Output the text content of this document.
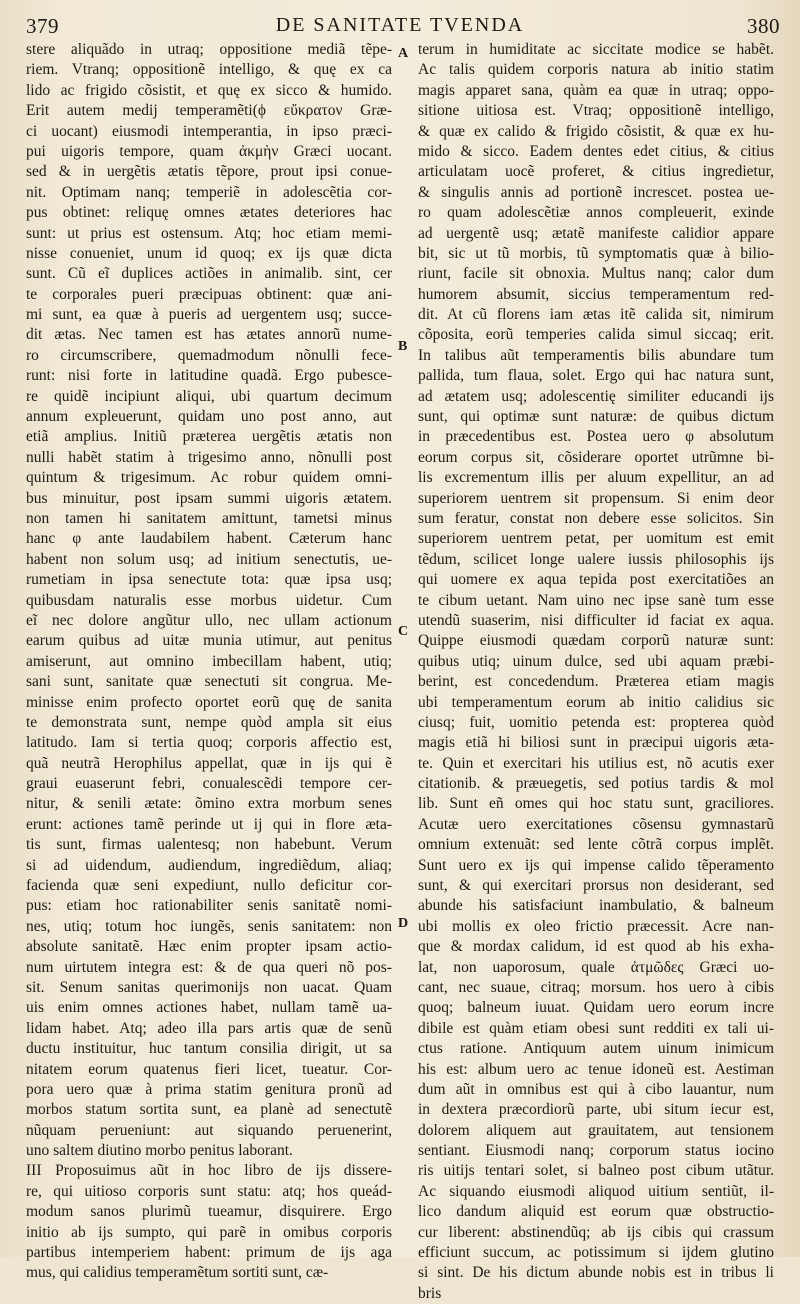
379	DE SANITATE TVENDA	380
stere aliquãdo in utraq; oppositione mediã tẽpe-
riem. Vtranq; oppositionẽ intelligo, & quę ex ca
lido ac frigido cõsistit, et quę ex sicco & humido.
Erit autem medij temperamẽti(ϕ εὔκρατον Græ-
ci uocant) eiusmodi intemperantia, in ipso præci-
pui uigoris tempore, quam ἀκμὴν Græci uocant.
sed & in uergẽtis ætatis tẽpore, prout ipsi conue-
nit. Optimam nanq; temperiẽ in adolescẽtia cor-
pus obtinet: reliquę omnes ætates deteriores hac
sunt: ut prius est ostensum. Atq; hoc etiam memi-
nisse conueniet, unum id quoq; ex ijs quæ dicta
sunt. Cũ eĩ duplices actiões in animalib. sint, cer
te corporales pueri præcipuas obtinent: quæ ani-
mi sunt, ea quæ à pueris ad uergentem usq; succe-
dit ætas. Nec tamen est has ætates annorũ nume-
ro circumscribere, quemadmodum nõnulli fece-
runt: nisi forte in latitudine quadã. Ergo pubesce-
re quidẽ incipiunt aliqui, ubi quartum decimum
annum expleuerunt, quidam uno post anno, aut
etiã amplius. Initiũ præterea uergẽtis ætatis non
nulli habẽt statim à trigesimo anno, nõnulli post
quintum & trigesimum. Ac robur quidem omni-
bus minuitur, post ipsam summi uigoris ætatem.
non tamen hi sanitatem amittunt, tametsi minus
hanc φ ante laudabilem habent. Cæterum hanc
habent non solum usq; ad initium senectutis, ue-
rumetiam in ipsa senectute tota: quæ ipsa usq;
quibusdam naturalis esse morbus uidetur. Cum
eĩ nec dolore angũtur ullo, nec ullam actionum
earum quibus ad uitæ munia utimur, aut penitus
amiserunt, aut omnino imbecillam habent, utiq;
sani sunt, sanitate quæ senectuti sit congrua. Me-
minisse enim profecto oportet eorũ quę de sanita
te demonstrata sunt, nempe quòd ampla sit eius
latitudo. Iam si tertia quoq; corporis affectio est,
quã neutrã Herophilus appellat, quæ in ijs qui ẽ
graui euaserunt febri, conualescẽdi tempore cer-
nitur, & senili ætate: õmino extra morbum senes
erunt: actiones tamẽ perinde ut ij qui in flore æta-
tis sunt, firmas ualentesq; non habebunt. Verum
si ad uidendum, audiendum, ingrediẽdum, aliaq;
facienda quæ seni expediunt, nullo deficitur cor-
pus: etiam hoc rationabiliter senis sanitatẽ nomi-
nes, utiq; totum hoc iungẽs, senis sanitatem: non
absolute sanitatẽ. Hæc enim propter ipsam actio-
num uirtutem integra est: & de qua queri nõ pos-
sit. Senum sanitas querimonijs non uacat. Quam
uis enim omnes actiones habet, nullam tamẽ ua-
lidam habet. Atq; adeo illa pars artis quæ de senũ
ductu instituitur, huc tantum consilia dirigit, ut sa
nitatem eorum quatenus fieri licet, tueatur. Cor-
pora uero quæ à prima statim genitura pronũ ad
morbos statum sortita sunt, ea planè ad senectutẽ
nũquam perueniunt: aut siquando peruenerint,
uno saltem diutino morbo penitus laborant.
III Proposuimus aũt in hoc libro de ijs dissere-
re, qui uitioso corporis sunt statu: atq; hos queád-
modum sanos plurimũ tueamur, disquirere. Ergo
initio ab ijs sumpto, qui parẽ in omibus corporis
partibus intemperiem habent: primum de ijs aga
mus, qui calidius temperamẽtum sortiti sunt, cæ-
A
B
C
D
terum in humiditate ac siccitate modice se habẽt.
Ac talis quidem corporis natura ab initio statim
magis apparet sana, quàm ea quæ in utraq; oppo-
sitione uitiosa est. Vtraq; oppositionẽ intelligo,
& quæ ex calido & frigido cõsistit, & quæ ex hu-
mido & sicco. Eadem dentes edet citius, & citius
articulatam uocẽ proferet, & citius ingredietur,
& singulis annis ad portionẽ increscet. postea ue-
ro quam adolescẽtiæ annos compleuerit, exinde
ad uergentẽ usq; ætatẽ manifeste calidior appare
bit, sic ut tũ morbis, tũ symptomatis quæ à bilio-
riunt, facile sit obnoxia. Multus nanq; calor dum
humorem absumit, siccius temperamentum red-
dit. At cũ florens iam ætas itẽ calida sit, nimirum
cõposita, eorũ temperies calida simul siccaq; erit.
In talibus aũt temperamentis bilis abundare tum
pallida, tum flaua, solet. Ergo qui hac natura sunt,
ad ætatem usq; adolescentię similiter educandi ijs
sunt, qui optimæ sunt naturæ: de quibus dictum
in præcedentibus est. Postea uero φ absolutum
eorum corpus sit, cõsiderare oportet utrũmne bi-
lis excrementum illis per aluum expellitur, an ad
superiorem uentrem sit propensum. Si enim deor
sum feratur, constat non debere esse solicitos. Sin
superiorem uentrem petat, per uomitum est emit
tẽdum, scilicet longe ualere iussis philosophis ijs
qui uomere ex aqua tepida post exercitatiões an
te cibum uetant. Nam uino nec ipse sanè tum esse
utendũ suaserim, nisi difficulter id faciat ex aqua.
Quippe eiusmodi quædam corporũ naturæ sunt:
quibus utiq; uinum dulce, sed ubi aquam præbi-
berint, est concedendum. Præterea etiam magis
ubi temperamentum eorum ab initio calidius sic
ciusq; fuit, uomitio petenda est: propterea quòd
magis etiã hi biliosi sunt in præcipui uigoris æta-
te. Quin et exercitari his utilius est, nõ acutis exer
citationib. & præuegetis, sed potius tardis & mol
lib. Sunt eñ omes qui hoc statu sunt, graciliores.
Acutæ uero exercitationes cõsensu gymnastarũ
omnium extenuãt: sed lente cõtrã corpus implẽt.
Sunt uero ex ijs qui impense calido tẽperamento
sunt, & qui exercitari prorsus non desiderant, sed
abunde his satisfaciunt inambulatio, & balneum
ubi mollis ex oleo frictio præcessit. Acre nan-
que & mordax calidum, id est quod ab his exha-
lat, non uaporosum, quale ἀτμῶδες Græci uo-
cant, nec suaue, citraq; morsum. hos uero à cibis
quoq; balneum iuuat. Quidam uero eorum incre
dibile est quàm etiam obesi sunt redditi ex tali ui-
ctus ratione. Antiquum autem uinum inimicum
his est: album uero ac tenue idoneũ est. Aestiman
dum aũt in omnibus est qui à cibo lauantur, num
in dextera præcordiorũ parte, ubi situm iecur est,
dolorem aliquem aut grauitatem, aut tensionem
sentiant. Eiusmodi nanq; corporum status iocino
ris uitijs tentari solet, si balneo post cibum utãtur.
Ac siquando eiusmodi aliquod uitium sentiũt, il-
lico dandum aliquid est eorum quæ obstructio-
cur liberent: abstinendũq; ab ijs cibis qui crassum
efficiunt succum, ac potissimum si ijdem glutino
si sint. De his dictum abunde nobis est in tribus li
bris
